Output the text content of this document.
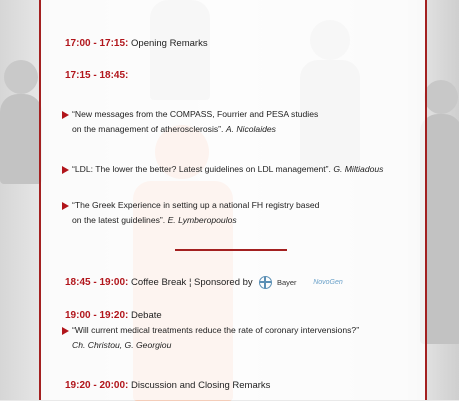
17:00 - 17:15: Opening Remarks
17:15 - 18:45:
“New messages from the COMPASS, Fourrier and PESA studies
on the management of atherosclerosis”. A. Nicolaides
“LDL: The lower the better? Latest guidelines on LDL management”. G. Miltiadous
“The Greek Experience in setting up a national FH registry based
on the latest guidelines”. E. Lymberopoulos
18:45 - 19:00: Coffee Break ¦ Sponsored by	Bayer NovoGen
19:00 - 19:20: Debate
“Will current medical treatments reduce the rate of coronary intervensions?”
Ch. Christou, G. Georgiou
19:20 - 20:00: Discussion and Closing Remarks
